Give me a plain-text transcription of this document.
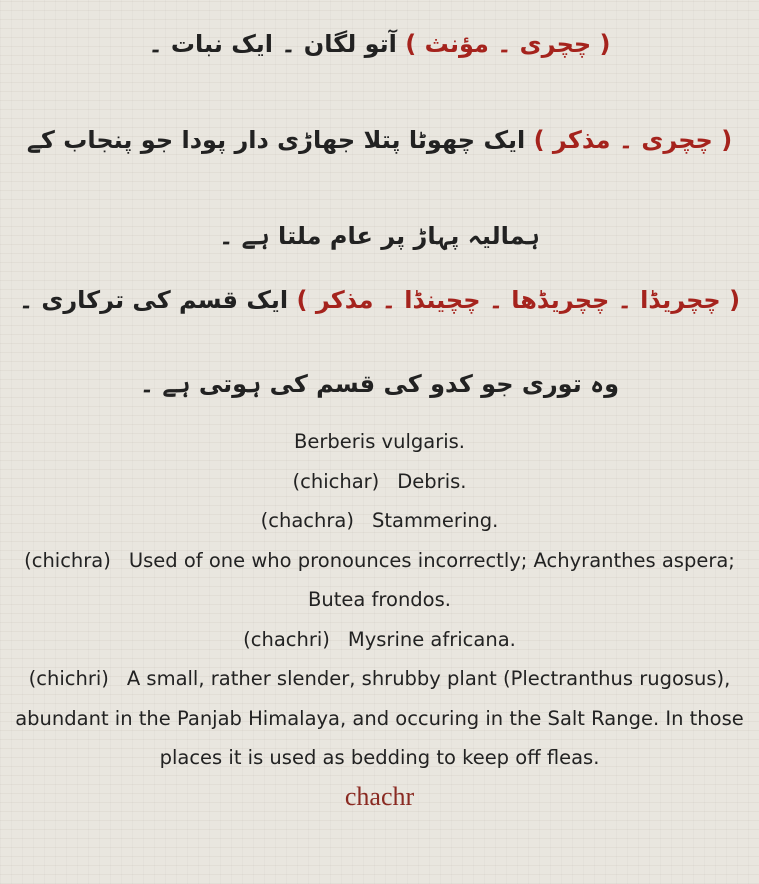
( چچری ۔ مؤنث ) آتو لگان ۔ ایک نبات ۔
( چچری ۔ مذکر ) ایک چھوٹا پتلا جھاڑی دار پودا جو پنجاب کے ہمالیہ پہاڑ پر عام ملتا ہے ۔
( چچریڈا ۔ چچریڈھا ۔ چچینڈا ۔ مذکر ) ایک قسم کی ترکاری ۔ وہ توری جو کدو کی قسم کی ہوتی ہے ۔

Berberis vulgaris.

(chichar) Debris.

(chachra) Stammering.

(chichra) Used of one who pronounces incorrectly; Achyranthes aspera; Butea frondos.

(chachri) Mysrine africana.

(chichri) A small, rather slender, shrubby plant (Plectranthus rugosus), abundant in the Panjab Himalaya, and occuring in the Salt Range. In those places it is used as bedding to keep off fleas.

chachr
